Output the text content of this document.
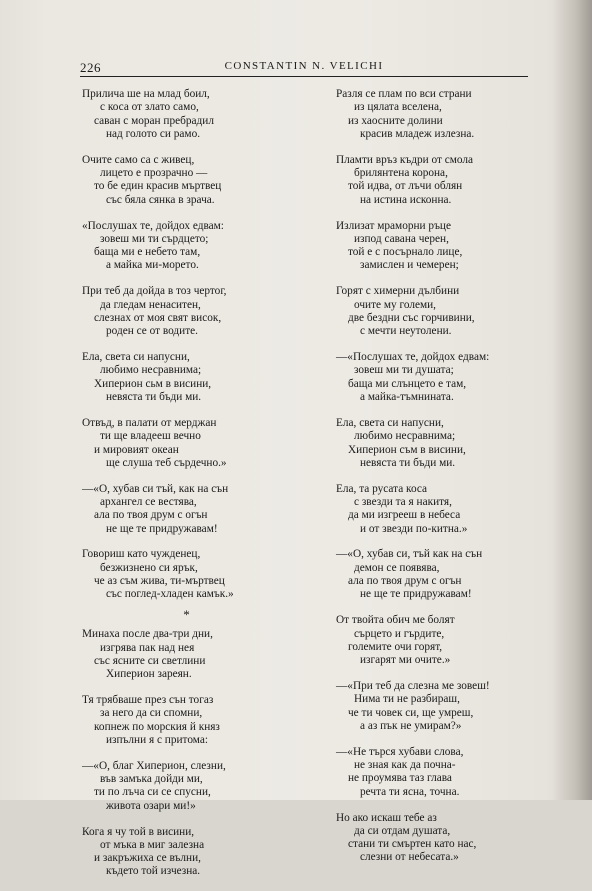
226	CONSTANTIN N. VELICHI
Прилича ше на млад боил,
с коса от злато само,
саван с моран пребрадил
над голото си рамо.
Очите само са с живец,
лицето е прозрачно —
то бе един красив мъртвец
със бяла сянка в зрача.
«Послушах те, дойдох едвам:
зовеш ми ти сърдцето;
баща ми е небето там,
а майка ми-морето.
При теб да дойда в тоз чертог,
да гледам ненаситен,
слезнах от моя свят висок,
роден се от водите.
Ела, света си напусни,
любимо несравнима;
Хиперион сьм в висини,
невяста ти бъди ми.
Отвъд, в палати от мерджан
ти ще владееш вечно
и мировият океан
ще слуша теб сърдечно.»
—«О, хубав си тъй, как на сън
архангел се вестява,
ала по твоя друм с огън
не ще те придружавам!
Говориш като чужденец,
безжизнено си ярък,
че аз съм жива, ти-мъртвец
със поглед-хладен камък.»
*
Минаха после два-три дни,
изгрява пак над нея
със ясните си светлини
Хиперион зареян.
Тя трябваше през сън тогаз
за него да си спомни,
копнеж по морския й княз
изпълни я с притома:
—«О, благ Хиперион, слезни,
във замъка дойди ми,
ти по лъча си се спусни,
живота озари ми!»
Кога я чу той в висини,
от мъка в миг залезна
и закръжиха се вълни,
където той изчезна.
Разля се плам по вси страни
из цялата вселена,
из хаосните долини
красив младеж излезна.
Пламти връз къдри от смола
брилянтена корона,
той идва, от лъчи облян
на истина исконна.
Излизат мраморни ръце
изпод савана черен,
той е с посърнало лице,
замислен и чемерен;
Горят с химерни дълбини
очите му големи,
две бездни със горчивини,
с мечти неутолени.
—«Послушах те, дойдох едвам:
зовеш ми ти душата;
баща ми слънцето е там,
а майка-тъмнината.
Ела, света си напусни,
любимо несравнима;
Хиперион съм в висини,
невяста ти бъди ми.
Ела, та русата коса
с звезди та я накитя,
да ми изгрееш в небеса
и от звезди по-китна.»
—«О, хубав си, тъй как на сън
демон се появява,
ала по твоя друм с огън
не ще те придружавам!
От твойта обич ме болят
сърцето и гърдите,
големите очи горят,
изгарят ми очите.»
—«При теб да слезна ме зовеш!
Нима ти не разбираш,
че ти човек си, ще умреш,
а аз пък не умирам?»
—«Не търся хубави слова,
не зная как да почна-
не проумява таз глава
речта ти ясна, точна.
Но ако искаш тебе аз
да си отдам душата,
стани ти смъртен като нас,
слезни от небесата.»
